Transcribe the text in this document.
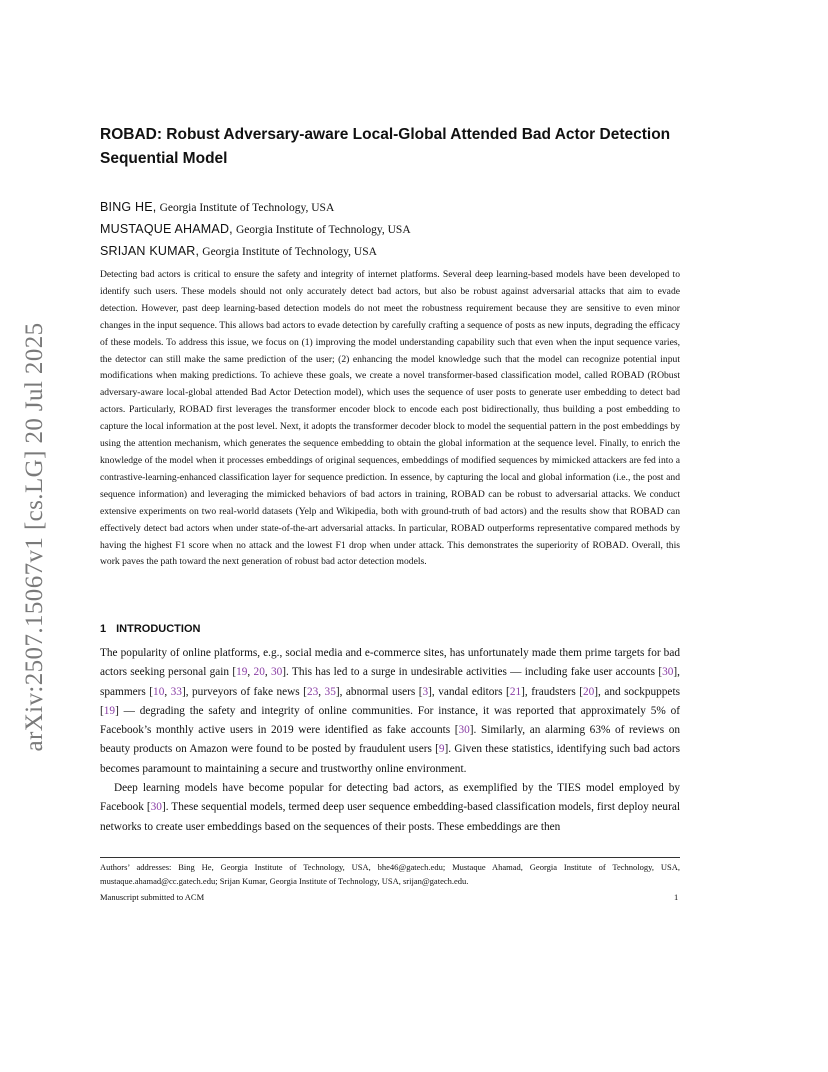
arXiv:2507.15067v1 [cs.LG] 20 Jul 2025
ROBAD: Robust Adversary-aware Local-Global Attended Bad Actor Detection Sequential Model
BING HE, Georgia Institute of Technology, USA
MUSTAQUE AHAMAD, Georgia Institute of Technology, USA
SRIJAN KUMAR, Georgia Institute of Technology, USA

Detecting bad actors is critical to ensure the safety and integrity of internet platforms. Several deep learning-based models have been developed to identify such users. These models should not only accurately detect bad actors, but also be robust against adversarial attacks that aim to evade detection. However, past deep learning-based detection models do not meet the robustness requirement because they are sensitive to even minor changes in the input sequence. This allows bad actors to evade detection by carefully crafting a sequence of posts as new inputs, degrading the efficacy of these models. To address this issue, we focus on (1) improving the model understanding capability such that even when the input sequence varies, the detector can still make the same prediction of the user; (2) enhancing the model knowledge such that the model can recognize potential input modifications when making predictions. To achieve these goals, we create a novel transformer-based classification model, called ROBAD (RObust adversary-aware local-global attended Bad Actor Detection model), which uses the sequence of user posts to generate user embedding to detect bad actors. Particularly, ROBAD first leverages the transformer encoder block to encode each post bidirectionally, thus building a post embedding to capture the local information at the post level. Next, it adopts the transformer decoder block to model the sequential pattern in the post embeddings by using the attention mechanism, which generates the sequence embedding to obtain the global information at the sequence level. Finally, to enrich the knowledge of the model when it processes embeddings of original sequences, embeddings of modified sequences by mimicked attackers are fed into a contrastive-learning-enhanced classification layer for sequence prediction. In essence, by capturing the local and global information (i.e., the post and sequence information) and leveraging the mimicked behaviors of bad actors in training, ROBAD can be robust to adversarial attacks. We conduct extensive experiments on two real-world datasets (Yelp and Wikipedia, both with ground-truth of bad actors) and the results show that ROBAD can effectively detect bad actors when under state-of-the-art adversarial attacks. In particular, ROBAD outperforms representative compared methods by having the highest F1 score when no attack and the lowest F1 drop when under attack. This demonstrates the superiority of ROBAD. Overall, this work paves the path toward the next generation of robust bad actor detection models.

1 INTRODUCTION

The popularity of online platforms, e.g., social media and e-commerce sites, has unfortunately made them prime targets for bad actors seeking personal gain [19, 20, 30]. This has led to a surge in undesirable activities — including fake user accounts [30], spammers [10, 33], purveyors of fake news [23, 35], abnormal users [3], vandal editors [21], fraudsters [20], and sockpuppets [19] — degrading the safety and integrity of online communities. For instance, it was reported that approximately 5% of Facebook’s monthly active users in 2019 were identified as fake accounts [30]. Similarly, an alarming 63% of reviews on beauty products on Amazon were found to be posted by fraudulent users [9]. Given these statistics, identifying such bad actors becomes paramount to maintaining a secure and trustworthy online environment.

Deep learning models have become popular for detecting bad actors, as exemplified by the TIES model employed by Facebook [30]. These sequential models, termed deep user sequence embedding-based classification models, first deploy neural networks to create user embeddings based on the sequences of their posts. These embeddings are then

Authors’ addresses: Bing He, Georgia Institute of Technology, USA, bhe46@gatech.edu; Mustaque Ahamad, Georgia Institute of Technology, USA, mustaque.ahamad@cc.gatech.edu; Srijan Kumar, Georgia Institute of Technology, USA, srijan@gatech.edu.

Manuscript submitted to ACM	1
